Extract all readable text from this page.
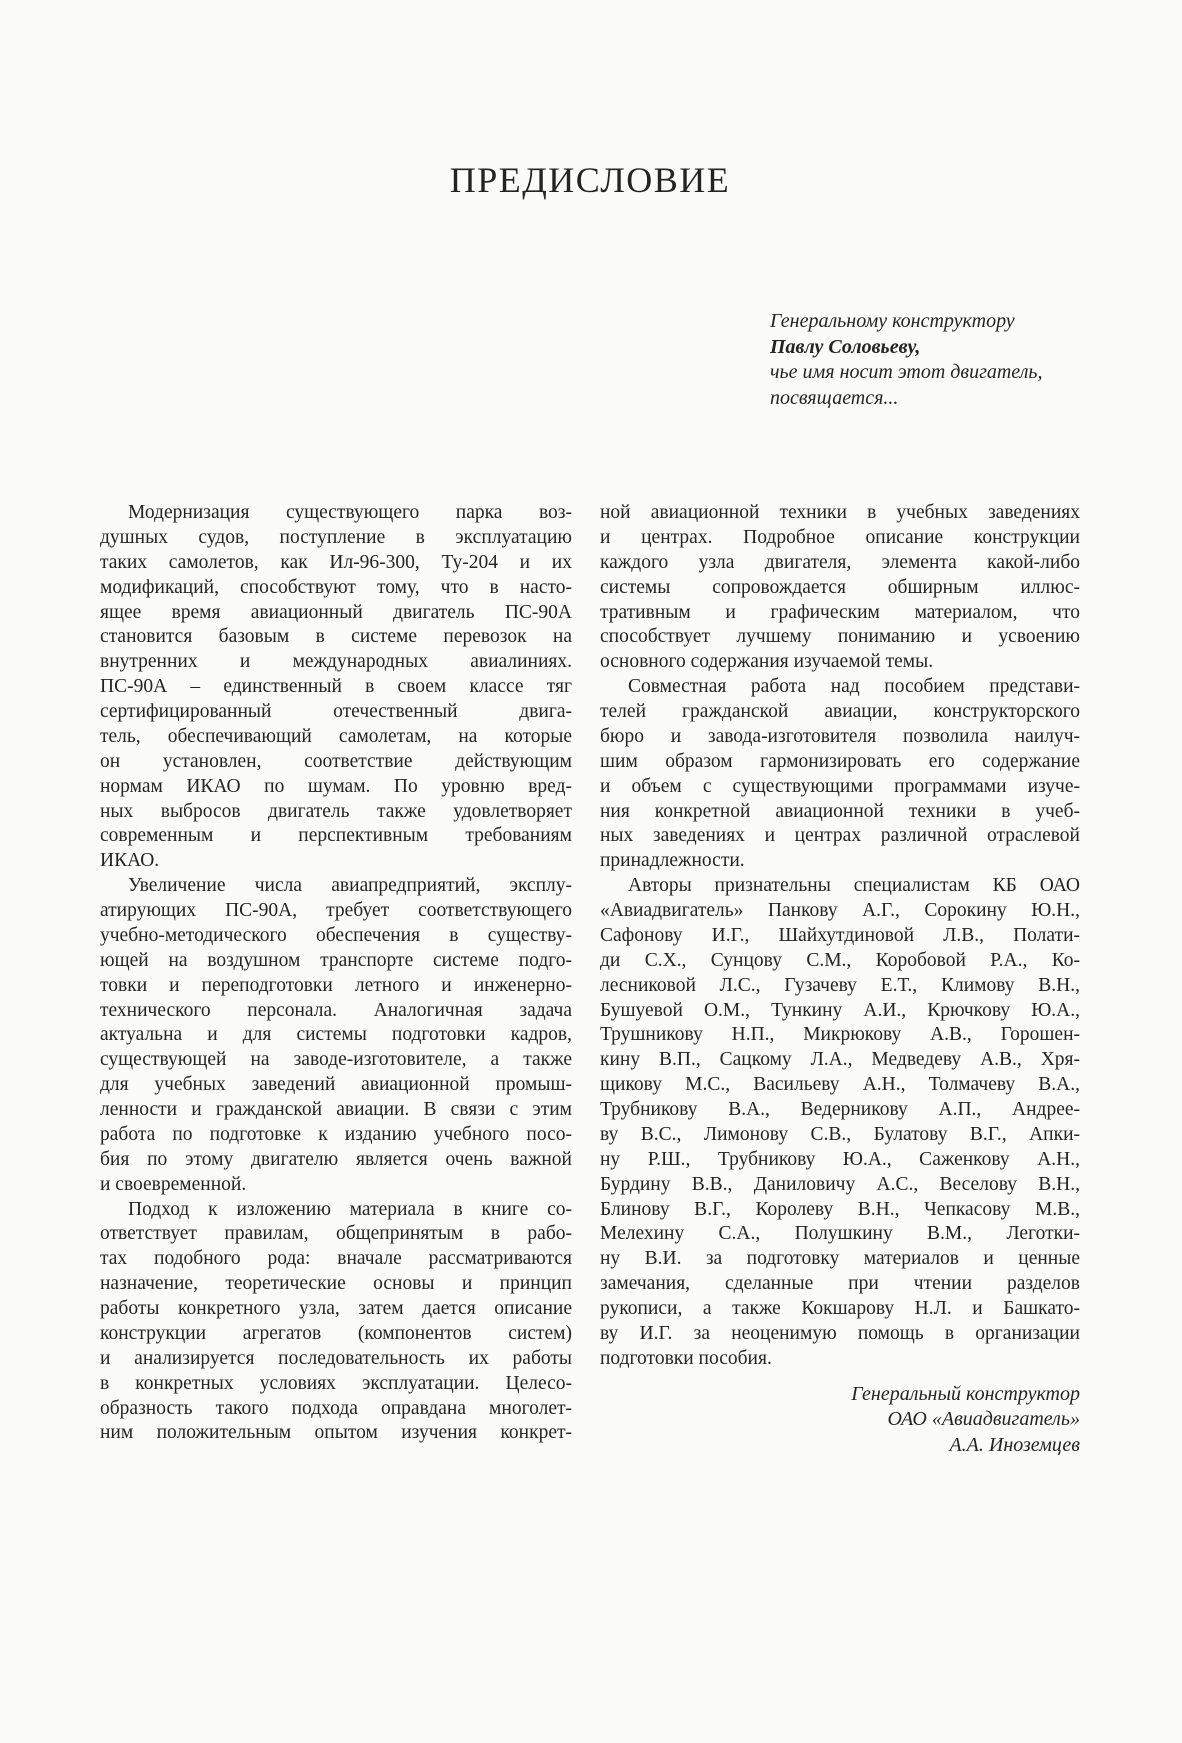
ПРЕДИСЛОВИЕ
Генеральному конструктору
Павлу Соловьеву,
чье имя носит этот двигатель,
посвящается...
Модернизация существующего парка воз-
душных судов, поступление в эксплуатацию
таких самолетов, как Ил-96-300, Ту-204 и их
модификаций, способствуют тому, что в насто-
ящее время авиационный двигатель ПС-90А
становится базовым в системе перевозок на
внутренних и международных авиалиниях.
ПС-90А – единственный в своем классе тяг
сертифицированный отечественный двига-
тель, обеспечивающий самолетам, на которые
он установлен, соответствие действующим
нормам ИКАО по шумам. По уровню вред-
ных выбросов двигатель также удовлетворяет
современным и перспективным требованиям
ИКАО.
Увеличение числа авиапредприятий, эксплу-
атирующих ПС-90А, требует соответствующего
учебно-методического обеспечения в существу-
ющей на воздушном транспорте системе подго-
товки и переподготовки летного и инженерно-
технического персонала. Аналогичная задача
актуальна и для системы подготовки кадров,
существующей на заводе-изготовителе, а также
для учебных заведений авиационной промыш-
ленности и гражданской авиации. В связи с этим
работа по подготовке к изданию учебного посо-
бия по этому двигателю является очень важной
и своевременной.
Подход к изложению материала в книге со-
ответствует правилам, общепринятым в рабо-
тах подобного рода: вначале рассматриваются
назначение, теоретические основы и принцип
работы конкретного узла, затем дается описание
конструкции агрегатов (компонентов систем)
и анализируется последовательность их работы
в конкретных условиях эксплуатации. Целесо-
образность такого подхода оправдана многолет-
ним положительным опытом изучения конкрет-
ной авиационной техники в учебных заведениях
и центрах. Подробное описание конструкции
каждого узла двигателя, элемента какой-либо
системы сопровождается обширным иллюс-
тративным и графическим материалом, что
способствует лучшему пониманию и усвоению
основного содержания изучаемой темы.
Совместная работа над пособием представи-
телей гражданской авиации, конструкторского
бюро и завода-изготовителя позволила наилуч-
шим образом гармонизировать его содержание
и объем с существующими программами изуче-
ния конкретной авиационной техники в учеб-
ных заведениях и центрах различной отраслевой
принадлежности.
Авторы признательны специалистам КБ ОАО
«Авиадвигатель» Панкову А.Г., Сорокину Ю.Н.,
Сафонову И.Г., Шайхутдиновой Л.В., Полати-
ди С.Х., Сунцову С.М., Коробовой Р.А., Ко-
лесниковой Л.С., Гузачеву Е.Т., Климову В.Н.,
Бушуевой О.М., Тункину А.И., Крючкову Ю.А.,
Трушникову Н.П., Микрюкову А.В., Горошен-
кину В.П., Сацкому Л.А., Медведеву А.В., Хря-
щикову М.С., Васильеву А.Н., Толмачеву В.А.,
Трубникову В.А., Ведерникову А.П., Андрее-
ву В.С., Лимонову С.В., Булатову В.Г., Апки-
ну Р.Ш., Трубникову Ю.А., Саженкову А.Н.,
Бурдину В.В., Даниловичу А.С., Веселову В.Н.,
Блинову В.Г., Королеву В.Н., Чепкасову М.В.,
Мелехину С.А., Полушкину В.М., Леготки-
ну В.И. за подготовку материалов и ценные
замечания, сделанные при чтении разделов
рукописи, а также Кокшарову Н.Л. и Башкато-
ву И.Г. за неоценимую помощь в организации
подготовки пособия.
Генеральный конструктор
ОАО «Авиадвигатель»
А.А. Иноземцев
